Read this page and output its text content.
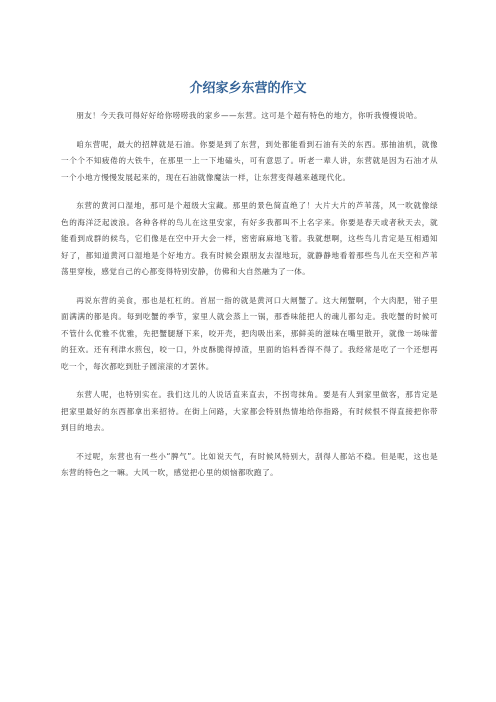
介绍家乡东营的作文

朋友！今天我可得好好给你唠唠我的家乡——东营。这可是个超有特色的地方，你听我慢慢说哈。

咱东营呢，最大的招牌就是石油。你要是到了东营，到处都能看到石油有关的东西。那抽油机，就像一个个不知疲倦的大铁牛，在那里一上一下地磕头，可有意思了。听老一辈人讲，东营就是因为石油才从一个小地方慢慢发展起来的，现在石油就像魔法一样，让东营变得越来越现代化。

东营的黄河口湿地，那可是个超级大宝藏。那里的景色简直绝了！大片大片的芦苇荡，风一吹就像绿色的海洋泛起波浪。各种各样的鸟儿在这里安家，有好多我都叫不上名字来。你要是春天或者秋天去，就能看到成群的候鸟，它们像是在空中开大会一样，密密麻麻地飞着。我就想啊，这些鸟儿肯定是互相通知好了，都知道黄河口湿地是个好地方。我有时候会跟朋友去湿地玩，就静静地看着那些鸟儿在天空和芦苇荡里穿梭，感觉自己的心都变得特别安静，仿佛和大自然融为了一体。

再说东营的美食，那也是杠杠的。首屈一指的就是黄河口大闸蟹了。这大闸蟹啊，个大肉肥，钳子里面满满的都是肉。每到吃蟹的季节，家里人就会蒸上一锅，那香味能把人的魂儿都勾走。我吃蟹的时候可不管什么优雅不优雅，先把蟹腿掰下来，咬开壳，把肉吸出来，那鲜美的滋味在嘴里散开，就像一场味蕾的狂欢。还有利津水煎包，咬一口，外皮酥脆得掉渣，里面的馅料香得不得了。我经常是吃了一个还想再吃一个，每次都吃到肚子圆滚滚的才罢休。

东营人呢，也特别实在。我们这儿的人说话直来直去，不拐弯抹角。要是有人到家里做客，那肯定是把家里最好的东西都拿出来招待。在街上问路，大家都会特别热情地给你指路，有时候恨不得直接把你带到目的地去。

不过呢，东营也有一些小“脾气”。比如说天气，有时候风特别大，刮得人都站不稳。但是呢，这也是东营的特色之一嘛。大风一吹，感觉把心里的烦恼都吹跑了。
